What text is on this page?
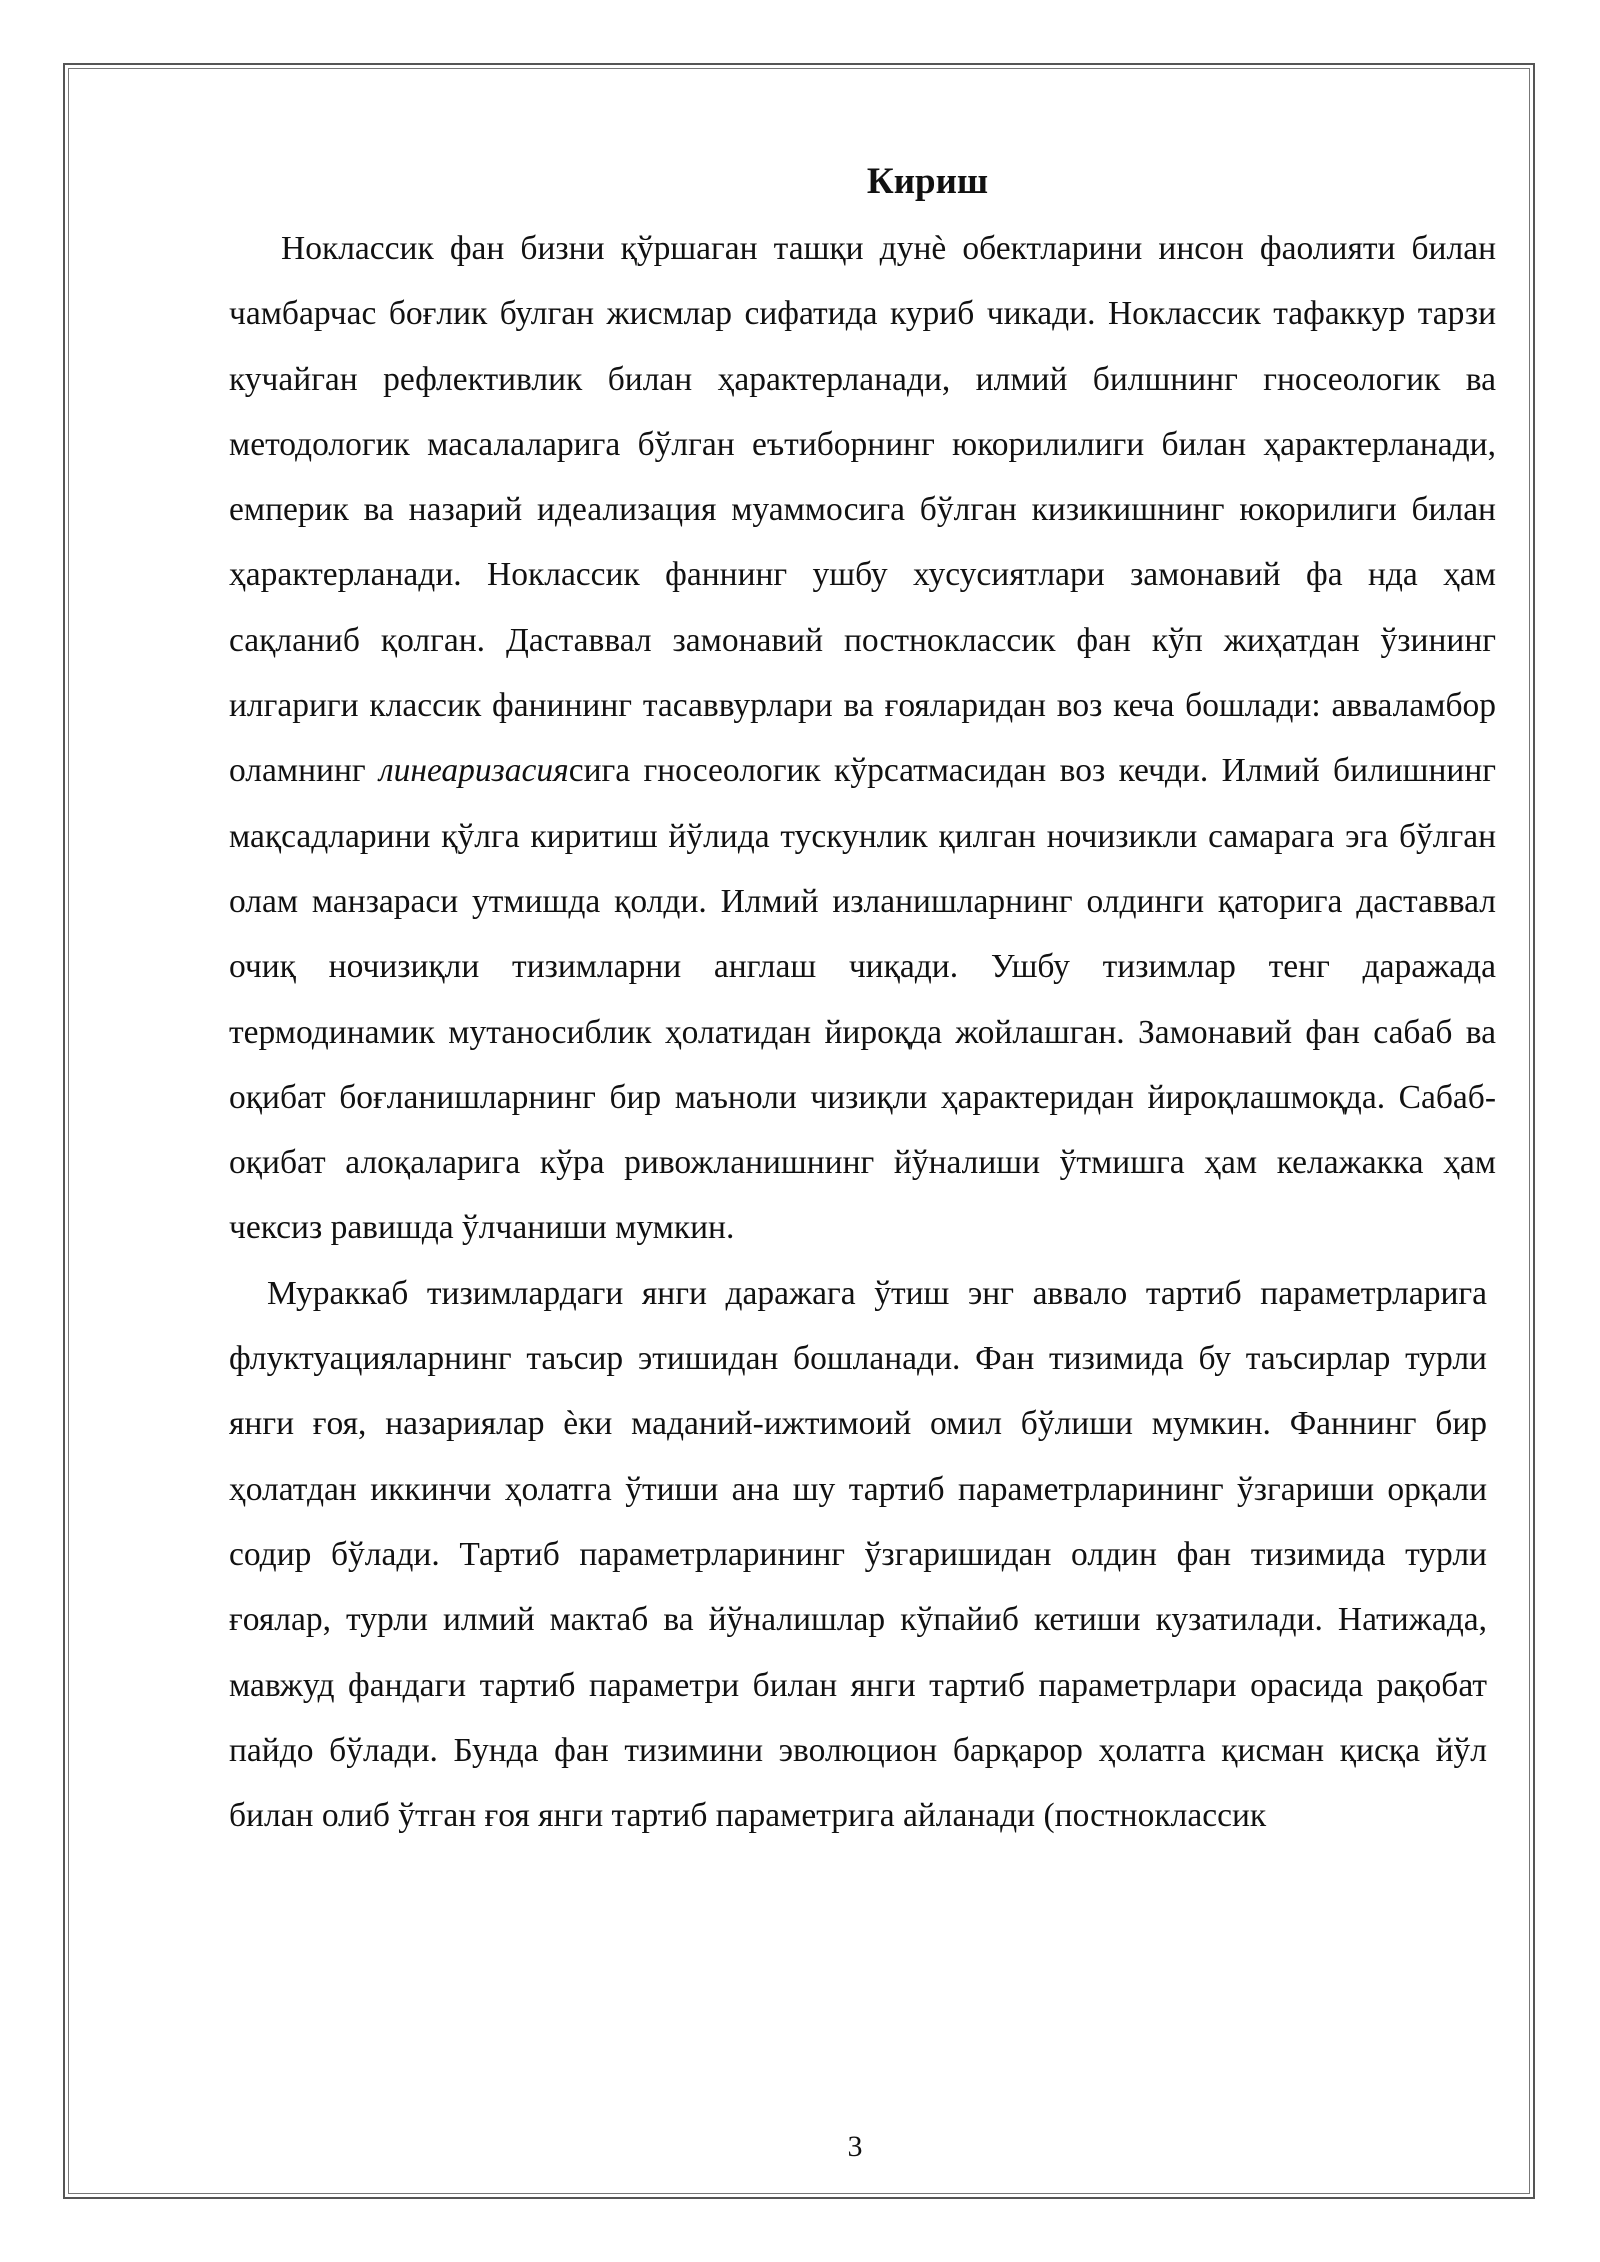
Кириш

Ноклассик фан бизни қўршаган ташқи дунѐ обектларини инсон фаолияти билан чамбарчас боғлик булган жисмлар сифатида куриб чикади. Ноклассик тафаккур тарзи кучайган рефлективлик билан ҳарактерланади, илмий билшнинг гносеологик ва методологик масалаларига бўлган еътиборнинг юкорилилиги билан ҳарактерланади, емперик ва назарий идеализация муаммосига бўлган кизикишнинг юкорилиги билан ҳарактерланади. Ноклассик фаннинг ушбу хусусиятлари замонавий фа нда ҳам сақланиб қолган. Даставвал замонавий постноклассик фан кўп жиҳатдан ўзининг илгариги классик фанининг тасаввурлари ва ғояларидан воз кеча бошлади: аввалaмбор оламнинг линеаризасиясига гносеологик кўрсатмасидан воз кечди. Илмий билишнинг мақсадларини қўлга киритиш йўлида тускунлик қилган ночизикли самарага эга бўлган олам манзараси утмишда қолди. Илмий изланишларнинг олдинги қаторига даставвал очиқ ночизиқли тизимларни англаш чиқади. Ушбу тизимлар тенг даражада термодинамик мутаносиблик ҳолатидан йироқда жойлашган. Замонавий фан сабаб ва оқибат боғланишларнинг бир маъноли чизиқли ҳарактеридан йироқлашмоқда. Сабаб-оқибат алоқаларига кўра ривожланишнинг йўналиши ўтмишга ҳам келажакка ҳам чексиз равишда ўлчаниши мумкин.

Мураккаб тизимлардаги янги даражага ўтиш энг аввало тартиб параметрларига флуктуацияларнинг таъсир этишидан бошланади. Фан тизимида бу таъсирлар турли янги ғоя, назариялар ѐки маданий-ижтимоий омил бўлиши мумкин. Фаннинг бир ҳолатдан иккинчи ҳолатга ўтиши ана шу тартиб параметрларининг ўзгариши орқали содир бўлади. Тартиб параметрларининг ўзгаришидан олдин фан тизимида турли ғоялар, турли илмий мактаб ва йўналишлар кўпайиб кетиши кузатилади. Натижада, мавжуд фандаги тартиб параметри билан янги тартиб параметрлари орасида рақобат пайдо бўлади. Бунда фан тизимини эволюцион барқарор ҳолатга қисман қисқа йўл билан олиб ўтган ғоя янги тартиб параметрига айланади (постноклассик

3
